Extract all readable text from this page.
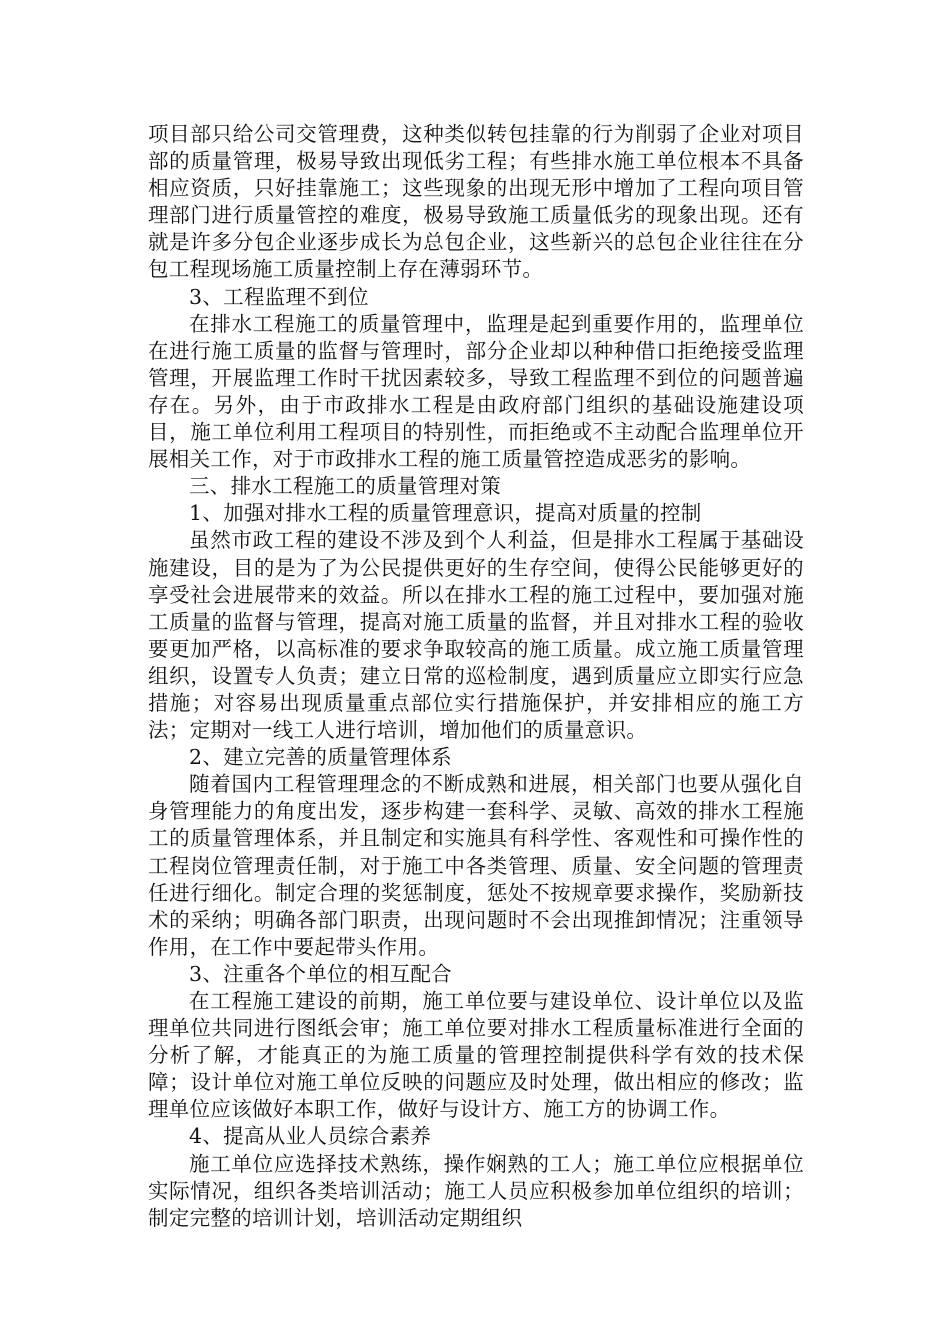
项目部只给公司交管理费，这种类似转包挂靠的行为削弱了企业对项目部的质量管理，极易导致出现低劣工程；有些排水施工单位根本不具备相应资质，只好挂靠施工；这些现象的出现无形中增加了工程向项目管理部门进行质量管控的难度，极易导致施工质量低劣的现象出现。还有就是许多分包企业逐步成长为总包企业，这些新兴的总包企业往往在分包工程现场施工质量控制上存在薄弱环节。

3、工程监理不到位

在排水工程施工的质量管理中，监理是起到重要作用的，监理单位在进行施工质量的监督与管理时，部分企业却以种种借口拒绝接受监理管理，开展监理工作时干扰因素较多，导致工程监理不到位的问题普遍存在。另外，由于市政排水工程是由政府部门组织的基础设施建设项目，施工单位利用工程项目的特别性，而拒绝或不主动配合监理单位开展相关工作，对于市政排水工程的施工质量管控造成恶劣的影响。

三、排水工程施工的质量管理对策

1、加强对排水工程的质量管理意识，提高对质量的控制

虽然市政工程的建设不涉及到个人利益，但是排水工程属于基础设施建设，目的是为了为公民提供更好的生存空间，使得公民能够更好的享受社会进展带来的效益。所以在排水工程的施工过程中，要加强对施工质量的监督与管理，提高对施工质量的监督，并且对排水工程的验收要更加严格，以高标准的要求争取较高的施工质量。成立施工质量管理组织，设置专人负责；建立日常的巡检制度，遇到质量应立即实行应急措施；对容易出现质量重点部位实行措施保护，并安排相应的施工方法；定期对一线工人进行培训，增加他们的质量意识。

2、建立完善的质量管理体系

随着国内工程管理理念的不断成熟和进展，相关部门也要从强化自身管理能力的角度出发，逐步构建一套科学、灵敏、高效的排水工程施工的质量管理体系，并且制定和实施具有科学性、客观性和可操作性的工程岗位管理责任制，对于施工中各类管理、质量、安全问题的管理责任进行细化。制定合理的奖惩制度，惩处不按规章要求操作，奖励新技术的采纳；明确各部门职责，出现问题时不会出现推卸情况；注重领导作用，在工作中要起带头作用。

3、注重各个单位的相互配合

在工程施工建设的前期，施工单位要与建设单位、设计单位以及监理单位共同进行图纸会审；施工单位要对排水工程质量标准进行全面的分析了解，才能真正的为施工质量的管理控制提供科学有效的技术保障；设计单位对施工单位反映的问题应及时处理，做出相应的修改；监理单位应该做好本职工作，做好与设计方、施工方的协调工作。

4、提高从业人员综合素养

施工单位应选择技术熟练，操作娴熟的工人；施工单位应根据单位实际情况，组织各类培训活动；施工人员应积极参加单位组织的培训；制定完整的培训计划，培训活动定期组织
